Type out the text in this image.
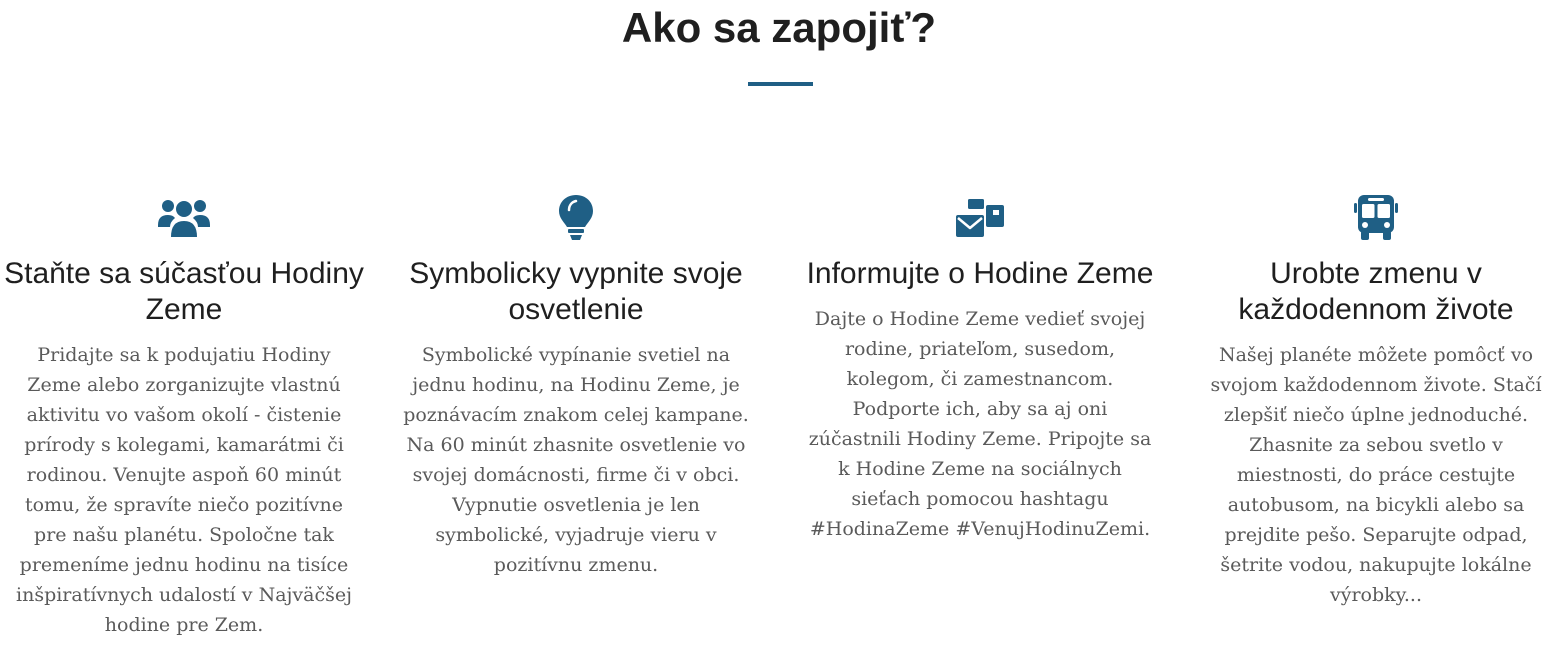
Ako sa zapojiť?
Staňte sa súčasťou Hodiny Zeme

Pridajte sa k podujatiu Hodiny Zeme alebo zorganizujte vlastnú aktivitu vo vašom okolí - čistenie prírody s kolegami, kamarátmi či rodinou. Venujte aspoň 60 minút tomu, že spravíte niečo pozitívne pre našu planétu. Spoločne tak premeníme jednu hodinu na tisíce inšpiratívnych udalostí v Najväčšej hodine pre Zem.

Symbolicky vypnite svoje osvetlenie

Symbolické vypínanie svetiel na jednu hodinu, na Hodinu Zeme, je poznávacím znakom celej kampane. Na 60 minút zhasnite osvetlenie vo svojej domácnosti, firme či v obci. Vypnutie osvetlenia je len symbolické, vyjadruje vieru v pozitívnu zmenu.

Informujte o Hodine Zeme

Dajte o Hodine Zeme vedieť svojej rodine, priateľom, susedom, kolegom, či zamestnancom. Podporte ich, aby sa aj oni zúčastnili Hodiny Zeme. Pripojte sa k Hodine Zeme na sociálnych sieťach pomocou hashtagu #HodinaZeme #VenujHodinuZemi.

Urobte zmenu v každodennom živote

Našej planéte môžete pomôcť vo svojom každodennom živote. Stačí zlepšiť niečo úplne jednoduché. Zhasnite za sebou svetlo v miestnosti, do práce cestujte autobusom, na bicykli alebo sa prejdite pešo. Separujte odpad, šetrite vodou, nakupujte lokálne výrobky...
